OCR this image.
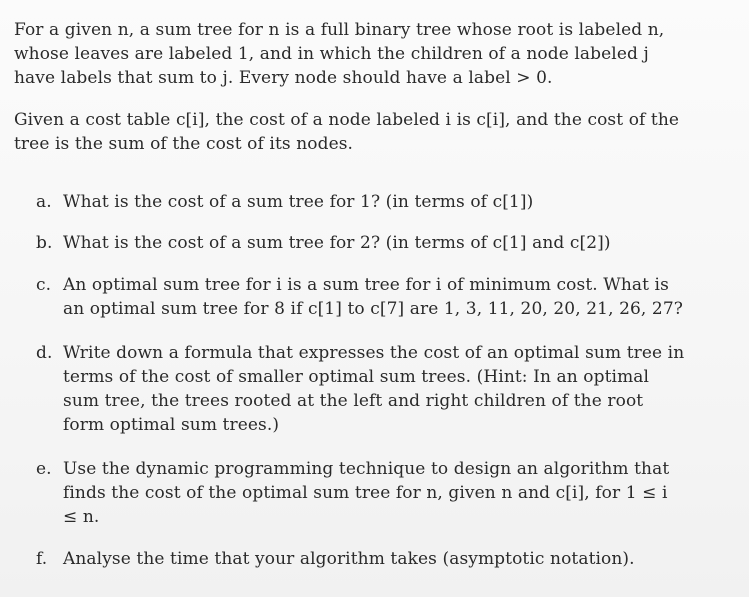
For a given n, a sum tree for n is a full binary tree whose root is labeled n, whose leaves are labeled 1, and in which the children of a node labeled j have labels that sum to j. Every node should have a label > 0.

Given a cost table c[i], the cost of a node labeled i is c[i], and the cost of the tree is the sum of the cost of its nodes.

a. What is the cost of a sum tree for 1? (in terms of c[1])
b. What is the cost of a sum tree for 2? (in terms of c[1] and c[2])
c. An optimal sum tree for i is a sum tree for i of minimum cost. What is an optimal sum tree for 8 if c[1] to c[7] are 1, 3, 11, 20, 20, 21, 26, 27?
d. Write down a formula that expresses the cost of an optimal sum tree in terms of the cost of smaller optimal sum trees. (Hint: In an optimal sum tree, the trees rooted at the left and right children of the root form optimal sum trees.)
e. Use the dynamic programming technique to design an algorithm that finds the cost of the optimal sum tree for n, given n and c[i], for 1 ≤ i ≤ n.
f. Analyse the time that your algorithm takes (asymptotic notation).
